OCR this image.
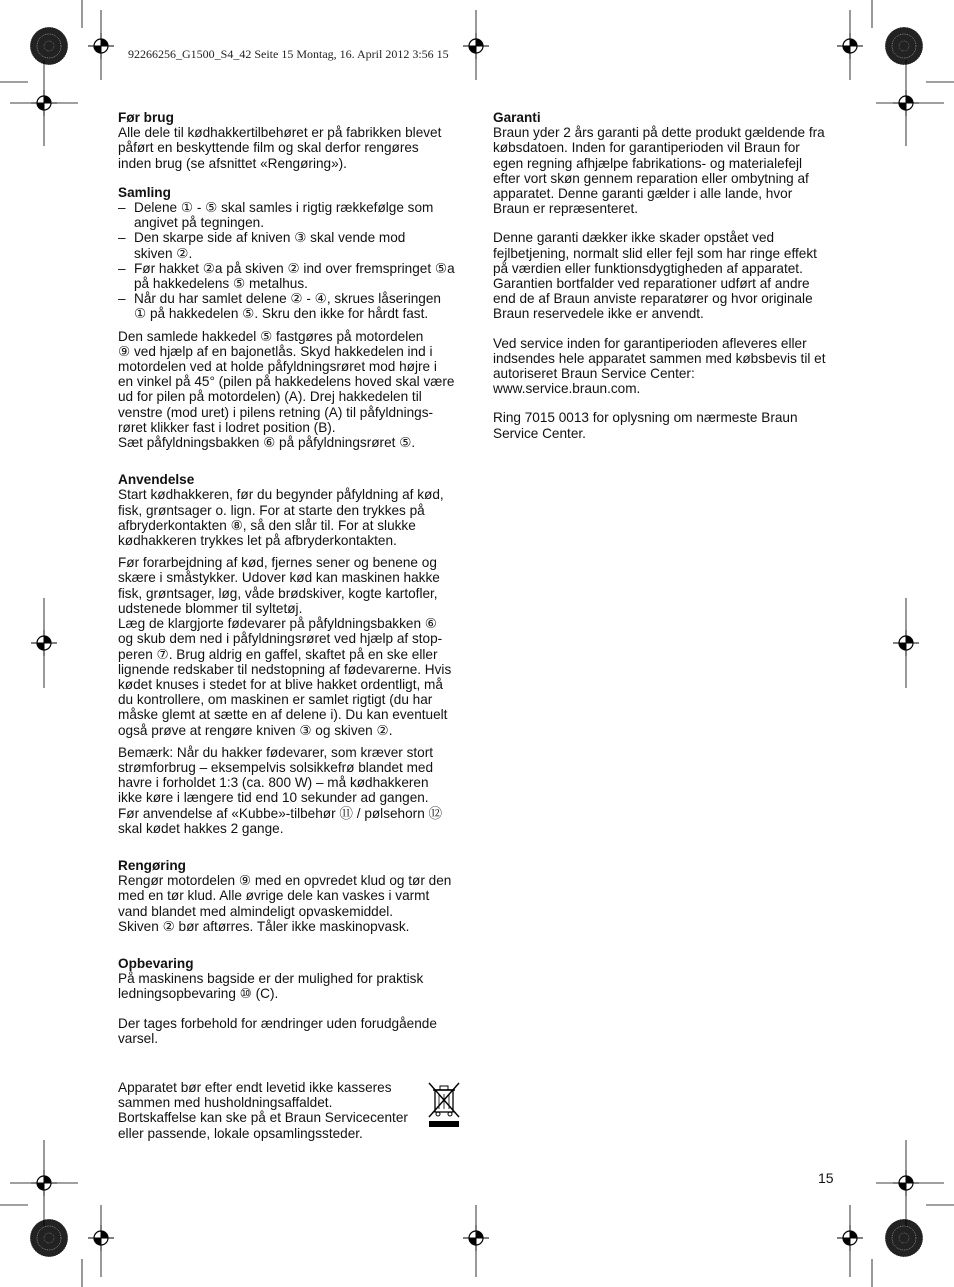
92266256_G1500_S4_42 Seite 15 Montag, 16. April 2012 3:56 15
Før brug

Alle dele til kødhakkertilbehøret er på fabrikken blevet
påført en beskyttende film og skal derfor rengøres
inden brug (se afsnittet «Rengøring»).

Samling
– Delene ① - ⑤ skal samles i rigtig rækkefølge som
angivet på tegningen.
– Den skarpe side af kniven ③ skal vende mod
skiven ②.
– Før hakket ②a på skiven ② ind over fremspringet ⑤a
på hakkedelens ⑤ metalhus.
– Når du har samlet delene ② - ④, skrues låseringen
① på hakkedelen ⑤. Skru den ikke for hårdt fast.

Den samlede hakkedel ⑤ fastgøres på motordelen
⑨ ved hjælp af en bajonetlås. Skyd hakkedelen ind i
motordelen ved at holde påfyldningsrøret mod højre i
en vinkel på 45° (pilen på hakkedelens hoved skal være
ud for pilen på motordelen) (A). Drej hakkedelen til
venstre (mod uret) i pilens retning (A) til påfyldnings-
røret klikker fast i lodret position (B).
Sæt påfyldningsbakken ⑥ på påfyldningsrøret ⑤.

Anvendelse

Start kødhakkeren, før du begynder påfyldning af kød,
fisk, grøntsager o. lign. For at starte den trykkes på
afbryderkontakten ⑧, så den slår til. For at slukke
kødhakkeren trykkes let på afbryderkontakten.

Før forarbejdning af kød, fjernes sener og benene og
skære i småstykker. Udover kød kan maskinen hakke
fisk, grøntsager, løg, våde brødskiver, kogte kartofler,
udstenede blommer til syltetøj.
Læg de klargjorte fødevarer på påfyldningsbakken ⑥
og skub dem ned i påfyldningsrøret ved hjælp af stop-
peren ⑦. Brug aldrig en gaffel, skaftet på en ske eller
lignende redskaber til nedstopning af fødevarerne. Hvis
kødet knuses i stedet for at blive hakket ordentligt, må
du kontrollere, om maskinen er samlet rigtigt (du har
måske glemt at sætte en af delene i). Du kan eventuelt
også prøve at rengøre kniven ③ og skiven ②.

Bemærk: Når du hakker fødevarer, som kræver stort
strømforbrug – eksempelvis solsikkefrø blandet med
havre i forholdet 1:3 (ca. 800 W) – må kødhakkeren
ikke køre i længere tid end 10 sekunder ad gangen.
Før anvendelse af «Kubbe»-tilbehør ⑪ / pølsehorn ⑫
skal kødet hakkes 2 gange.

Rengøring

Rengør motordelen ⑨ med en opvredet klud og tør den
med en tør klud. Alle øvrige dele kan vaskes i varmt
vand blandet med almindeligt opvaskemiddel.
Skiven ② bør aftørres. Tåler ikke maskinopvask.

Opbevaring

På maskinens bagside er der mulighed for praktisk
ledningsopbevaring ⑩ (C).

Der tages forbehold for ændringer uden forudgående
varsel.

Apparatet bør efter endt levetid ikke kasseres
sammen med husholdningsaffaldet.
Bortskaffelse kan ske på et Braun Servicecenter
eller passende, lokale opsamlingssteder.
Garanti

Braun yder 2 års garanti på dette produkt gældende fra
købsdatoen. Inden for garantiperioden vil Braun for
egen regning afhjælpe fabrikations- og materialefejl
efter vort skøn gennem reparation eller ombytning af
apparatet. Denne garanti gælder i alle lande, hvor
Braun er repræsenteret.

Denne garanti dækker ikke skader opstået ved
fejlbetjening, normalt slid eller fejl som har ringe effekt
på værdien eller funktionsdygtigheden af apparatet.
Garantien bortfalder ved reparationer udført af andre
end de af Braun anviste reparatører og hvor originale
Braun reservedele ikke er anvendt.

Ved service inden for garantiperioden afleveres eller
indsendes hele apparatet sammen med købsbevis til et
autoriseret Braun Service Center:
www.service.braun.com.

Ring 7015 0013 for oplysning om nærmeste Braun
Service Center.

15
